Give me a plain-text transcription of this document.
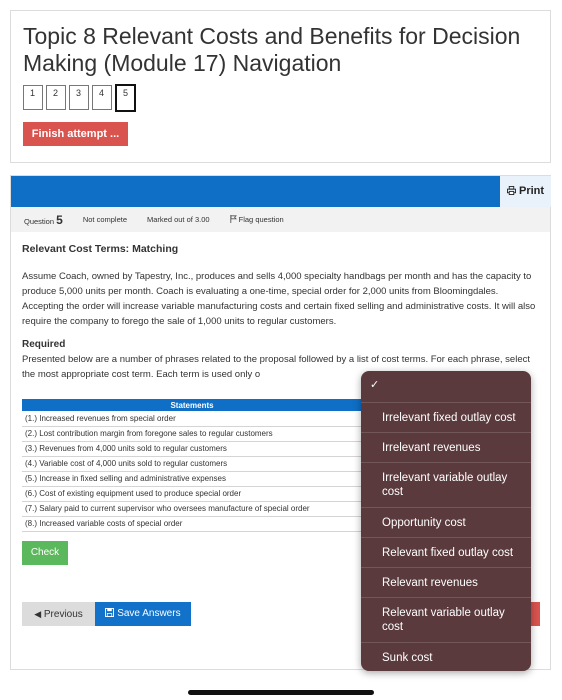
Topic 8 Relevant Costs and Benefits for Decision Making (Module 17) Navigation
1	2	3	4	5
Finish attempt ...
Print
Question 5	Not complete	Marked out of 3.00	Flag question
Relevant Cost Terms: Matching

Assume Coach, owned by Tapestry, Inc., produces and sells 4,000 specialty handbags per month and has the capacity to produce 5,000 units per month. Coach is evaluating a one-time, special order for 2,000 units from Bloomingdales. Accepting the order will increase variable manufacturing costs and certain fixed selling and administrative costs. It will also require the company to forego the sale of 1,000 units to regular customers.

Required

Presented below are a number of phrases related to the proposal followed by a list of cost terms. For each phrase, select the most appropriate cost term. Each term is used only o

Statements
(1.) Increased revenues from special order
(2.) Lost contribution margin from foregone sales to regular customers
(3.) Revenues from 4,000 units sold to regular customers
(4.) Variable cost of 4,000 units sold to regular customers
(5.) Increase in fixed selling and administrative expenses
(6.) Cost of existing equipment used to produce special order
(7.) Salary paid to current supervisor who oversees manufacture of special order
(8.) Increased variable costs of special order
Check
◀ Previous	Save Answers
✓
Irrelevant fixed outlay cost
Irrelevant revenues
Irrelevant variable outlay cost
Opportunity cost
Relevant fixed outlay cost
Relevant revenues
Relevant variable outlay cost
Sunk cost
